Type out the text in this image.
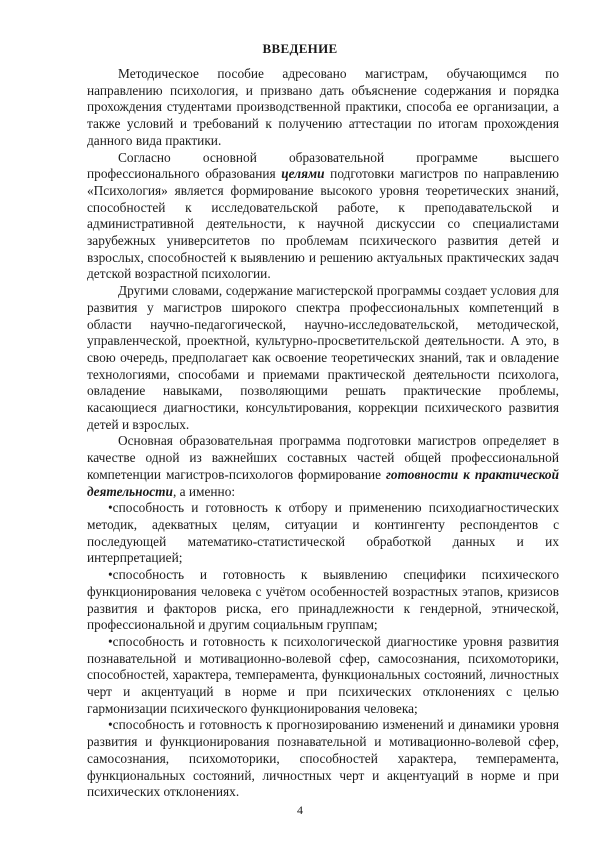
ВВЕДЕНИЕ

Методическое пособие адресовано магистрам, обучающимся по направлению психология, и призвано дать объяснение содержания и порядка прохождения студентами производственной практики, способа ее организации, а также условий и требований к получению аттестации по итогам прохождения данного вида практики.

Согласно основной образовательной программе высшего профессионального образования целями подготовки магистров по направлению «Психология» является формирование высокого уровня теоретических знаний, способностей к исследовательской работе, к преподавательской и административной деятельности, к научной дискуссии со специалистами зарубежных университетов по проблемам психического развития детей и взрослых, способностей к выявлению и решению актуальных практических задач детской возрастной психологии.

Другими словами, содержание магистерской программы создает условия для развития у магистров широкого спектра профессиональных компетенций в области научно-педагогической, научно-исследовательской, методической, управленческой, проектной, культурно-просветительской деятельности. А это, в свою очередь, предполагает как освоение теоретических знаний, так и овладение технологиями, способами и приемами практической деятельности психолога, овладение навыками, позволяющими решать практические проблемы, касающиеся диагностики, консультирования, коррекции психического развития детей и взрослых.

Основная образовательная программа подготовки магистров определяет в качестве одной из важнейших составных частей общей профессиональной компетенции магистров-психологов формирование готовности к практической деятельности, а именно:

•способность и готовность к отбору и применению психодиагностических методик, адекватных целям, ситуации и контингенту респондентов с последующей математико-статистической обработкой данных и их интерпретацией;

•способность и готовность к выявлению специфики психического функционирования человека с учётом особенностей возрастных этапов, кризисов развития и факторов риска, его принадлежности к гендерной, этнической, профессиональной и другим социальным группам;

•способность и готовность к психологической диагностике уровня развития познавательной и мотивационно-волевой сфер, самосознания, психомоторики, способностей, характера, темперамента, функциональных состояний, личностных черт и акцентуаций в норме и при психических отклонениях с целью гармонизации психического функционирования человека;

•способность и готовность к прогнозированию изменений и динамики уровня развития и функционирования познавательной и мотивационно-волевой сфер, самосознания, психомоторики, способностей характера, темперамента, функциональных состояний, личностных черт и акцентуаций в норме и при психических отклонениях.

4
